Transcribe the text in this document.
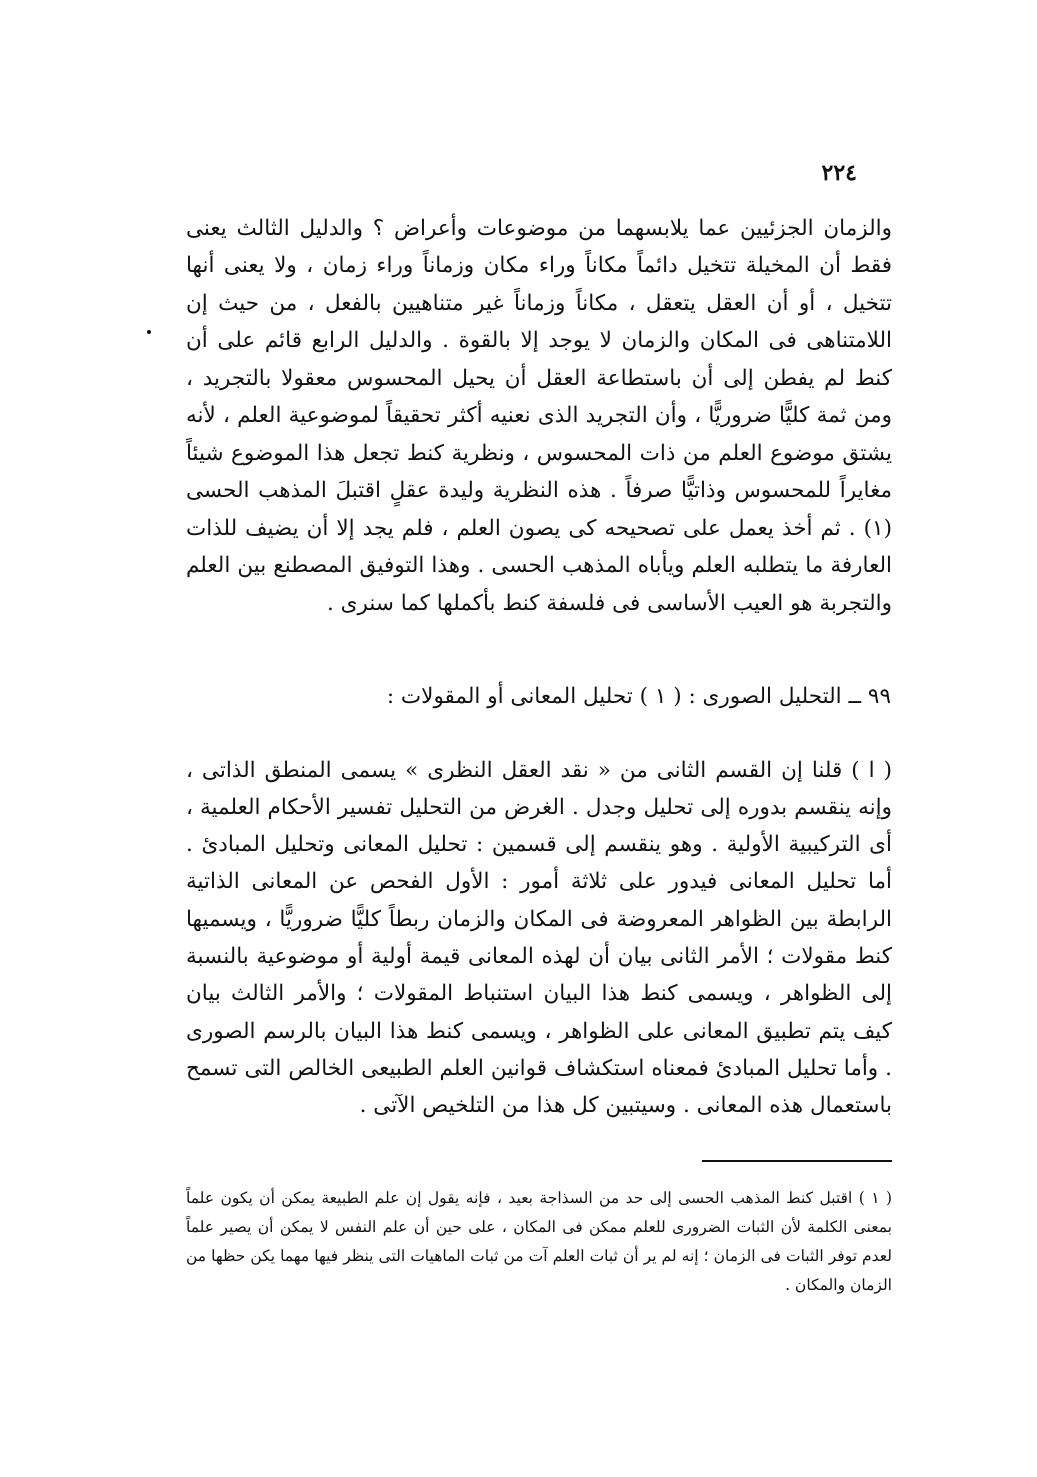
٢٢٤

والزمان الجزئيين عما يلابسهما من موضوعات وأعراض ؟ والدليل الثالث يعنى فقط أن المخيلة تتخيل دائماً مكاناً وراء مكان وزماناً وراء زمان ، ولا يعنى أنها تتخيل ، أو أن العقل يتعقل ، مكاناً وزماناً غير متناهيين بالفعل ، من حيث إن اللامتناهى فى المكان والزمان لا يوجد إلا بالقوة . والدليل الرابع قائم على أن كنط لم يفطن إلى أن باستطاعة العقل أن يحيل المحسوس معقولا بالتجريد ، ومن ثمة كليًّا ضروريًّا ، وأن التجريد الذى نعنيه أكثر تحقيقاً لموضوعية العلم ، لأنه يشتق موضوع العلم من ذات المحسوس ، ونظرية كنط تجعل هذا الموضوع شيئاً مغايراً للمحسوس وذاتيًّا صرفاً . هذه النظرية وليدة عقلٍ اقتبلَ المذهب الحسى (١) . ثم أخذ يعمل على تصحيحه كى يصون العلم ، فلم يجد إلا أن يضيف للذات العارفة ما يتطلبه العلم ويأباه المذهب الحسى . وهذا التوفيق المصطنع بين العلم والتجربة هو العيب الأساسى فى فلسفة كنط بأكملها كما سنرى .

٩٩ ــ التحليل الصورى : ( ١ ) تحليل المعانى أو المقولات :

( ا ) قلنا إن القسم الثانى من « نقد العقل النظرى » يسمى المنطق الذاتى ، وإنه ينقسم بدوره إلى تحليل وجدل . الغرض من التحليل تفسير الأحكام العلمية ، أى التركيبية الأولية . وهو ينقسم إلى قسمين : تحليل المعانى وتحليل المبادئ . أما تحليل المعانى فيدور على ثلاثة أمور : الأول الفحص عن المعانى الذاتية الرابطة بين الظواهر المعروضة فى المكان والزمان ربطاً كليًّا ضروريًّا ، ويسميها كنط مقولات ؛ الأمر الثانى بيان أن لهذه المعانى قيمة أولية أو موضوعية بالنسبة إلى الظواهر ، ويسمى كنط هذا البيان استنباط المقولات ؛ والأمر الثالث بيان كيف يتم تطبيق المعانى على الظواهر ، ويسمى كنط هذا البيان بالرسم الصورى . وأما تحليل المبادئ فمعناه استكشاف قوانين العلم الطبيعى الخالص التى تسمح باستعمال هذه المعانى . وسيتبين كل هذا من التلخيص الآتى .

( ١ ) اقتبل كنط المذهب الحسى إلى حد من السذاجة بعيد ، فإنه يقول إن علم الطبيعة يمكن أن يكون علماً بمعنى الكلمة لأن الثبات الضرورى للعلم ممكن فى المكان ، على حين أن علم النفس لا يمكن أن يصير علماً لعدم توفر الثبات فى الزمان ؛ إنه لم ير أن ثبات العلم آت من ثبات الماهيات التى ينظر فيها مهما يكن حظها من الزمان والمكان .
